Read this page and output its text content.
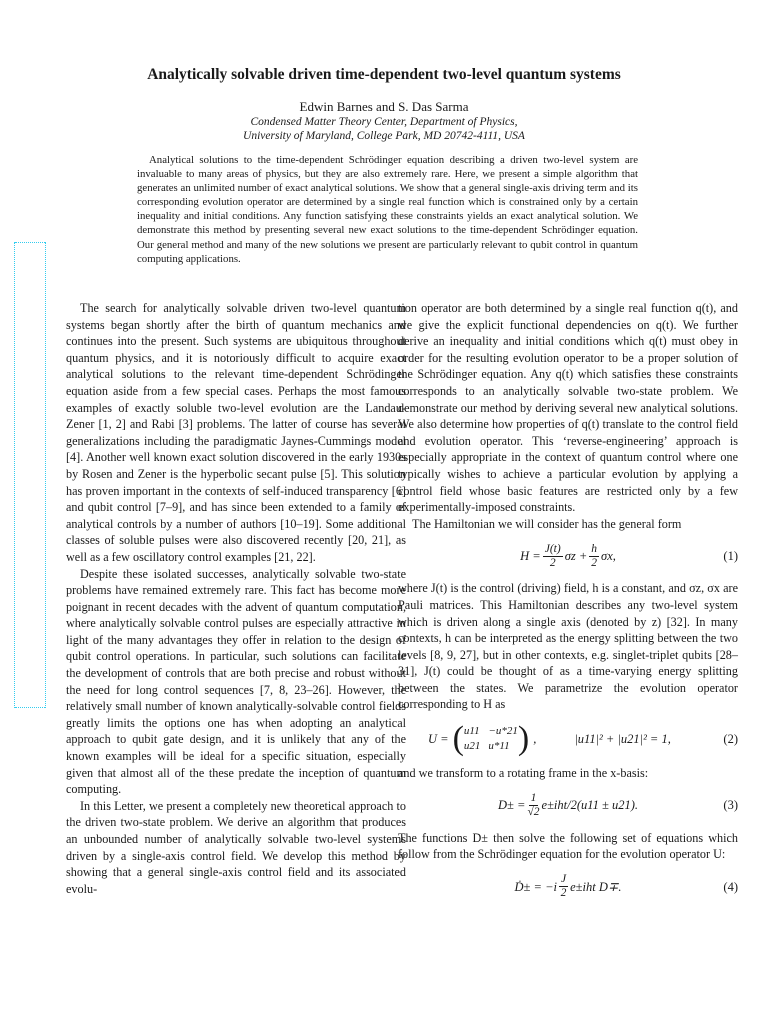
Analytically solvable driven time-dependent two-level quantum systems
Edwin Barnes and S. Das Sarma
Condensed Matter Theory Center, Department of Physics,
University of Maryland, College Park, MD 20742-4111, USA
Analytical solutions to the time-dependent Schrödinger equation describing a driven two-level system are invaluable to many areas of physics, but they are also extremely rare. Here, we present a simple algorithm that generates an unlimited number of exact analytical solutions. We show that a general single-axis driving term and its corresponding evolution operator are determined by a single real function which is constrained only by a certain inequality and initial conditions. Any function satisfying these constraints yields an exact analytical solution. We demonstrate this method by presenting several new exact solutions to the time-dependent Schrödinger equation. Our general method and many of the new solutions we present are particularly relevant to qubit control in quantum computing applications.

The search for analytically solvable driven two-level quantum systems began shortly after the birth of quantum mechanics and continues into the present. Such systems are ubiquitous throughout quantum physics, and it is notoriously difficult to acquire exact analytical solutions to the relevant time-dependent Schrödinger equation aside from a few special cases. Perhaps the most famous examples of exactly soluble two-level evolution are the Landau-Zener [1, 2] and Rabi [3] problems. The latter of course has several generalizations including the paradigmatic Jaynes-Cummings model [4]. Another well known exact solution discovered in the early 1930s by Rosen and Zener is the hyperbolic secant pulse [5]. This solution has proven important in the contexts of self-induced transparency [6] and qubit control [7–9], and has since been extended to a family of analytical controls by a number of authors [10–19]. Some additional classes of soluble pulses were also discovered recently [20, 21], as well as a few oscillatory control examples [21, 22].

Despite these isolated successes, analytically solvable two-state problems have remained extremely rare. This fact has become more poignant in recent decades with the advent of quantum computation, where analytically solvable control pulses are especially attractive in light of the many advantages they offer in relation to the design of qubit control operations. In particular, such solutions can facilitate the development of controls that are both precise and robust without the need for long control sequences [7, 8, 23–26]. However, the relatively small number of known analytically-solvable control fields greatly limits the options one has when adopting an analytical approach to qubit gate design, and it is unlikely that any of the known examples will be ideal for a specific situation, especially given that almost all of the these predate the inception of quantum computing.

In this Letter, we present a completely new theoretical approach to the driven two-state problem. We derive an algorithm that produces an unbounded number of analytically solvable two-level systems driven by a single-axis control field. We develop this method by showing that a general single-axis control field and its associated evolu-

tion operator are both determined by a single real function q(t), and we give the explicit functional dependencies on q(t). We further derive an inequality and initial conditions which q(t) must obey in order for the resulting evolution operator to be a proper solution of the Schrödinger equation. Any q(t) which satisfies these constraints corresponds to an analytically solvable two-state problem. We demonstrate our method by deriving several new analytical solutions. We also determine how properties of q(t) translate to the control field and evolution operator. This ‘reverse-engineering’ approach is especially appropriate in the context of quantum control where one typically wishes to achieve a particular evolution by applying a control field whose basic features are restricted only by a few experimentally-imposed constraints.

The Hamiltonian we will consider has the general form

$H = \frac{J(t)}{2}$ $\sigma z + \frac{h}{2} \sigma x$,	(1)

where J(t) is the control (driving) field, h is a constant, and σz, σx are Pauli matrices. This Hamiltonian describes any two-level system which is driven along a single axis (denoted by z) [32]. In many contexts, h can be interpreted as the energy splitting between the two levels [8, 9, 27], but in other contexts, e.g. singlet-triplet qubits [28–31], J(t) could be thought of as a time-varying energy splitting between the states. We parametrize the evolution operator corresponding to H as

U = ( u11 −u*21
u21 u*11 ) ,	|u11|² + |u21|² = 1,	(2)

and we transform to a rotating frame in the x-basis:

$D\pm = \frac{1}{√2} e\pm iht/2(u11 \pm u21)$.	(3)

The functions D± then solve the following set of equations which follow from the Schrödinger equation for the evolution operator U:

Ḋ± = $-i \frac{J}{2} e\pm iht$ D∓.	(4)
